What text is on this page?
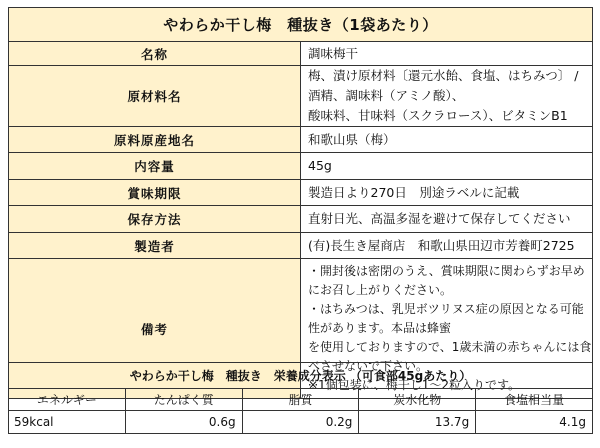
やわらか干し梅　種抜き（1袋あたり）	
名称	調味梅干
原材料名	梅、漬け原材料〔還元水飴、食塩、はちみつ〕 / 酒精、調味料（アミノ酸）、
酸味料、甘味料（スクラロース）、ビタミンB1

原料原産地名	和歌山県（梅）
内容量	45g
賞味期限	製造日より270日　別途ラベルに記載
保存方法	直射日光、高温多湿を避けて保存してください
製造者	(有)長生き屋商店　和歌山県田辺市芳養町2725
備考	・開封後は密閉のうえ、賞味期限に関わらずお早めにお召し上がりください。
・はちみつは、乳児ボツリヌス症の原因となる可能性があります。本品は蜂蜜
を使用しておりますので、1歳未満の赤ちゃんには食べさせないで下さい。
※1個包装に、梅干し1～2粒入りです。
やわらか干し梅　種抜き　栄養成分表示 （可食部45gあたり）				
エネルギー	たんぱく質	脂質	炭水化物	食塩相当量
59kcal	0.6g	0.2g	13.7g	4.1g
